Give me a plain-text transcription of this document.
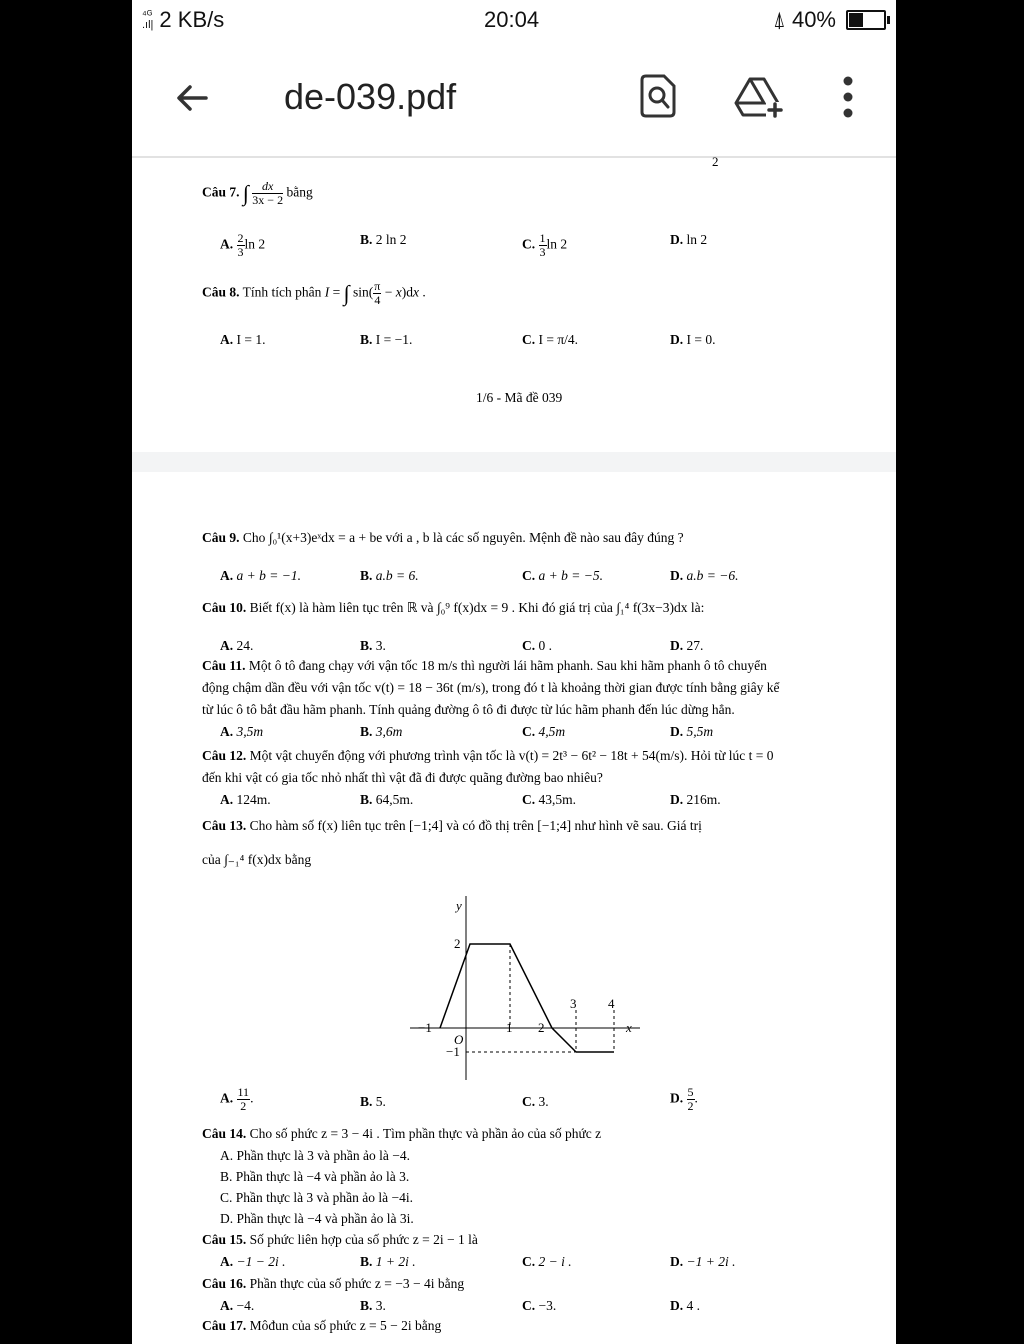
⁴ᴳ
.ıl| 2 KB/s	20:04	⍋ 40%
de-039.pdf
2
Câu 7. ∫ $\frac{dx}{3x - 2}$ bằng
A. $\frac{2}{3}$ ln 2	B. 2 ln 2	C. $\frac{1}{3}$ ln 2	D. ln 2
Câu 8. Tính tích phân I = ∫ $\sin( \frac{\pi}{4} - x)dx$ .
A. I = 1.	B. I = −1.	C. I = π/4.	D. I = 0.
1/6 - Mã đề 039
Câu 9. Cho ∫₀¹(x+3)eˣdx = a + be với a , b là các số nguyên. Mệnh đề nào sau đây đúng ?
A. a + b = −1.	B. a.b = 6.	C. a + b = −5.	D. a.b = −6.
Câu 10. Biết f(x) là hàm liên tục trên ℝ và ∫₀⁹ f(x)dx = 9 . Khi đó giá trị của ∫₁⁴ f(3x−3)dx là:
A. 24.	B. 3.	C. 0 .	D. 27.
Câu 11. Một ô tô đang chạy với vận tốc 18 m/s thì người lái hãm phanh. Sau khi hãm phanh ô tô chuyển
động chậm dần đều với vận tốc v(t) = 18 − 36t (m/s), trong đó t là khoảng thời gian được tính bằng giây kể
từ lúc ô tô bắt đầu hãm phanh. Tính quảng đường ô tô đi được từ lúc hãm phanh đến lúc dừng hẳn.
A. 3,5m	B. 3,6m	C. 4,5m	D. 5,5m
Câu 12. Một vật chuyển động với phương trình vận tốc là v(t) = 2t³ − 6t² − 18t + 54(m/s). Hỏi từ lúc t = 0
đến khi vật có gia tốc nhỏ nhất thì vật đã đi được quãng đường bao nhiêu?
A. 124m.	B. 64,5m.	C. 43,5m.	D. 216m.
Câu 13. Cho hàm số f(x) liên tục trên [−1;4] và có đồ thị trên [−1;4] như hình vẽ sau. Giá trị
của ∫₋₁⁴ f(x)dx bằng
y
x
O
−1	1 2
3 4
2
−1
A. $\frac{11}{2}$ .	B. 5.	C. 3.	D. $\frac{5}{2}$ .
Câu 14. Cho số phức z = 3 − 4i . Tìm phần thực và phần ảo của số phức z
A. Phần thực là 3 và phần ảo là −4.
B. Phần thực là −4 và phần ảo là 3.
C. Phần thực là 3 và phần ảo là −4i.
D. Phần thực là −4 và phần ảo là 3i.
Câu 15. Số phức liên hợp của số phức z = 2i − 1 là
A. −1 − 2i .	B. 1 + 2i .	C. 2 − i .	D. −1 + 2i .
Câu 16. Phần thực của số phức z = −3 − 4i bằng
A. −4.	B. 3.	C. −3.	D. 4 .
Câu 17. Môđun của số phức z = 5 − 2i bằng
